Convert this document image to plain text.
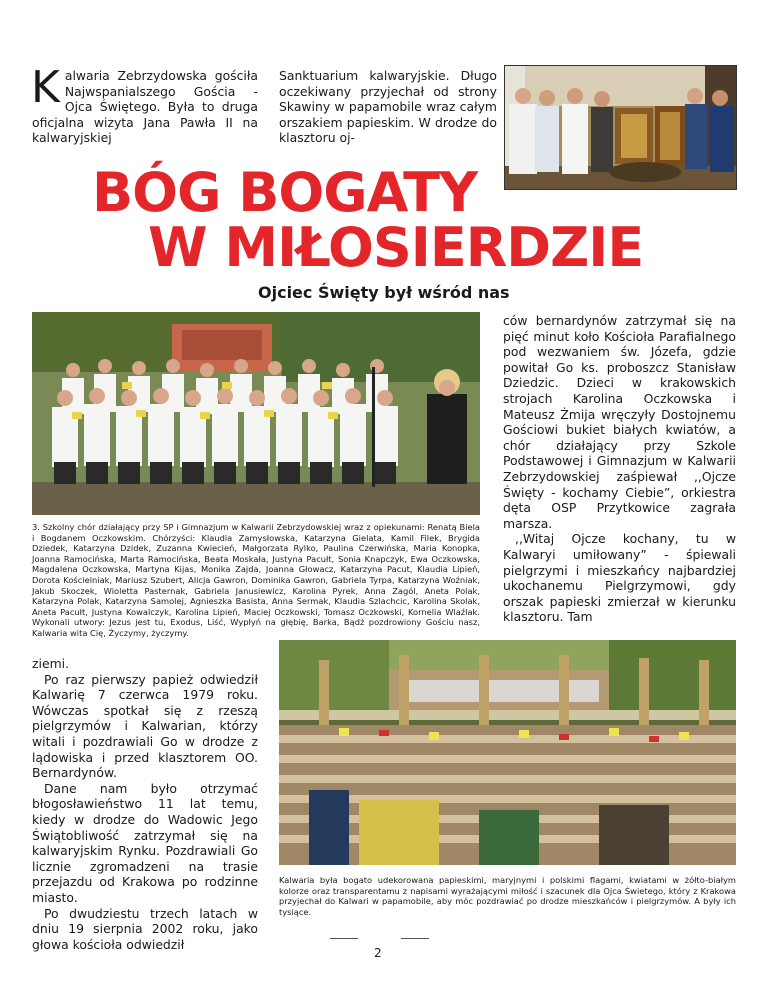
Kalwaria Zebrzydowska gościła Najwspanialszego Gościa - Ojca Świętego. Była to druga oficjalna wizyta Jana Pawła II na kalwaryjskiej

Sanktuarium kalwaryjskie. Długo oczekiwany przyjechał od strony Skawiny w papamobile wraz całym orszakiem papieskim. W drodze do klasztoru oj-

BÓG BOGATY
W MIŁOSIERDZIE
Ojciec Święty był wśród nas
3. Szkolny chór działający przy SP i Gimnazjum w Kalwarii Zebrzydowskiej wraz z opiekunami: Renatą Biela i Bogdanem Oczkowskim. Chórzyści: Klaudia Zamysłowska, Katarzyna Gielata, Kamil Filek, Brygida Dziedek, Katarzyna Dzidek, Zuzanna Kwiecień, Małgorzata Rylko, Paulina Czerwińska, Maria Konopka, Joanna Ramocińska, Marta Ramocińska, Beata Moskała, Justyna Pacułt, Sonia Knapczyk, Ewa Oczkowska, Magdalena Oczkowska, Martyna Kijas, Monika Zajda, Joanna Głowacz, Katarzyna Pacut, Klaudia Lipień, Dorota Kościelniak, Mariusz Szubert, Alicja Gawron, Dominika Gawron, Gabriela Tyrpa, Katarzyna Woźniak, Jakub Skoczek, Wioletta Pasternak, Gabriela Janusiewicz, Karolina Pyrek, Anna Zagól, Aneta Polak, Katarzyna Polak, Katarzyna Samolej, Agnieszka Basista, Anna Sermak, Klaudia Szlachcic, Karolina Skolak, Aneta Pacułt, Justyna Kowalczyk, Karolina Lipień, Maciej Oczkowski, Tomasz Oczkowski, Kornelia Wlaźlak. Wykonali utwory: Jezus jest tu, Exodus, Liść, Wypłyń na głębię, Barka, Bądź pozdrowiony Gościu nasz, Kalwaria wita Cię, Życzymy, życzymy.

ców bernardynów zatrzymał się na pięć minut koło Kościoła Parafialnego pod wezwaniem św. Józefa, gdzie powitał Go ks. proboszcz Stanisław Dziedzic. Dzieci w krakowskich strojach Karolina Oczkowska i Mateusz Żmija wręczyły Dostojnemu Gościowi bukiet białych kwiatów, a chór działający przy Szkole Podstawowej i Gimnazjum w Kalwarii Zebrzydowskiej zaśpiewał ,,Ojcze Święty - kochamy Ciebie”, orkiestra dęta OSP Przytkowice zagrała marsza.

,,Witaj Ojcze kochany, tu w Kalwaryi umiłowany” - śpiewali pielgrzymi i mieszkańcy najbardziej ukochanemu Pielgrzymowi, gdy orszak papieski zmierzał w kierunku klasztoru. Tam

ziemi.

Po raz pierwszy papież odwiedził Kalwarię 7 czerwca 1979 roku. Wówczas spotkał się z rzeszą pielgrzymów i Kalwarian, którzy witali i pozdrawiali Go w drodze z lądowiska i przed klasztorem OO. Bernardynów.

Dane nam było otrzymać błogosławieństwo 11 lat temu, kiedy w drodze do Wadowic Jego Świątobliwość zatrzymał się na kalwaryjskim Rynku. Pozdrawiali Go licznie zgromadzeni na trasie przejazdu od Krakowa po rodzinne miasto.

Po dwudziestu trzech latach w dniu 19 sierpnia 2002 roku, jako głowa kościoła odwiedził

Kalwaria była bogato udekorowana papieskimi, maryjnymi i polskimi flagami, kwiatami w żółto-białym kolorze oraz transparentamu z napisami wyrażającymi miłość i szacunek dla Ojca Świetego, który z Krakowa przyjechał do Kalwari w papamobile, aby móc pozdrawiać po drodze mieszkańców i pielgrzymów. A były ich tysiące.
2
